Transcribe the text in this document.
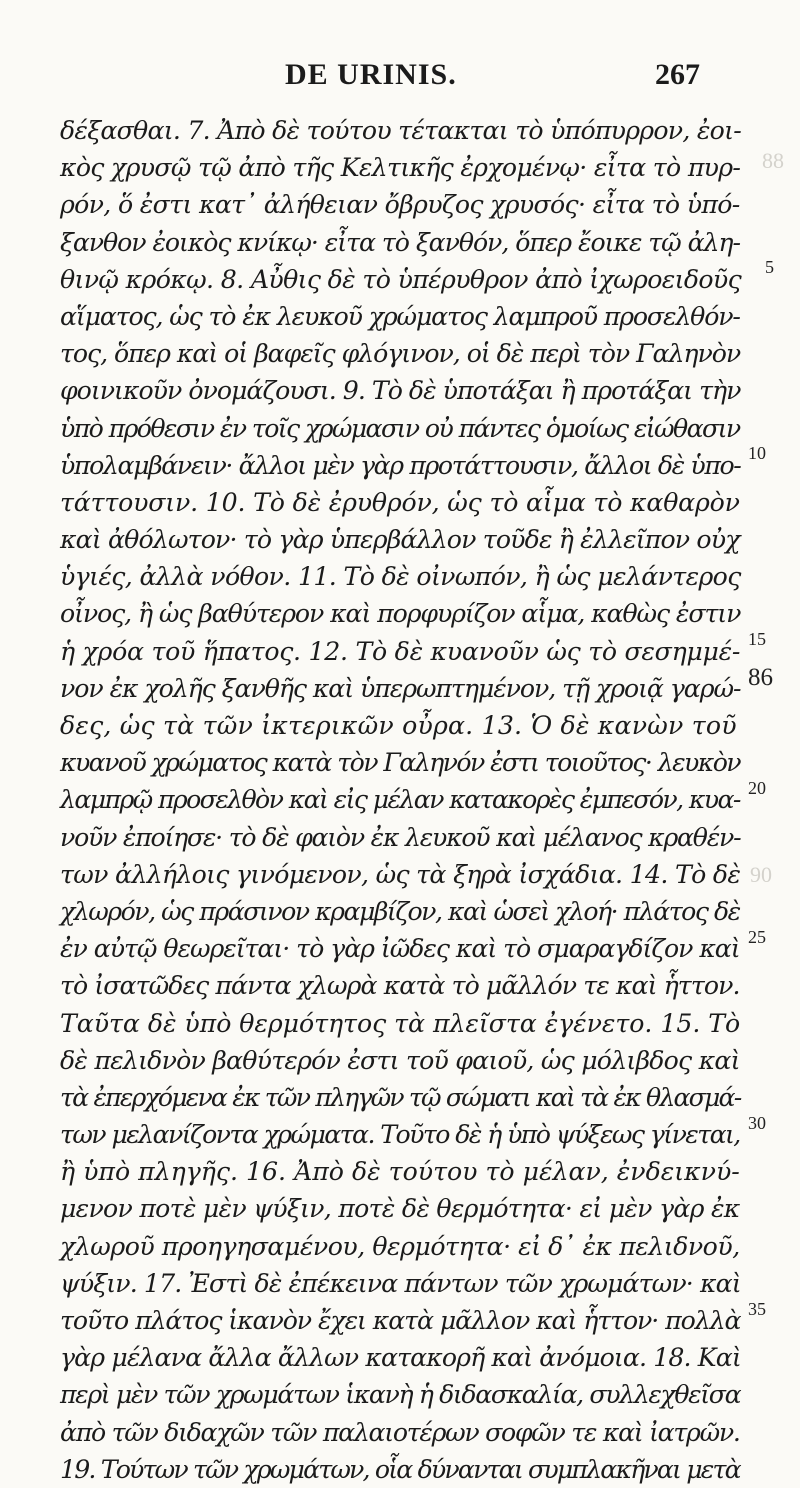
DE URINIS.	267
δέξασθαι. 7. Ἀπὸ δὲ τούτου τέτακται τὸ ὑπόπυρρον, ἐοι-
κὸς χρυσῷ τῷ ἀπὸ τῆς Κελτικῆς ἐρχομένῳ· εἶτα τὸ πυρ-
ρόν, ὅ ἐστι κατ᾽ ἀλήθειαν ὄβρυζος χρυσός· εἶτα τὸ ὑπό-
ξανθον ἐοικὸς κνίκῳ· εἶτα τὸ ξανθόν, ὅπερ ἔοικε τῷ ἀλη-
θινῷ κρόκῳ. 8. Αὖθις δὲ τὸ ὑπέρυθρον ἀπὸ ἰχωροειδοῦς
αἵματος, ὡς τὸ ἐκ λευκοῦ χρώματος λαμπροῦ προσελθόν-
τος, ὅπερ καὶ οἱ βαφεῖς φλόγινον, οἱ δὲ περὶ τὸν Γαληνὸν
φοινικοῦν ὀνομάζουσι. 9. Τὸ δὲ ὑποτάξαι ἢ προτάξαι τὴν
ὑπὸ πρόθεσιν ἐν τοῖς χρώμασιν οὐ πάντες ὁμοίως εἰώθασιν
ὑπολαμβάνειν· ἄλλοι μὲν γὰρ προτάττουσιν, ἄλλοι δὲ ὑπο-
τάττουσιν. 10. Τὸ δὲ ἐρυθρόν, ὡς τὸ αἷμα τὸ καθαρὸν
καὶ ἀθόλωτον· τὸ γὰρ ὑπερβάλλον τοῦδε ἢ ἐλλεῖπον οὐχ
ὑγιές, ἀλλὰ νόθον. 11. Τὸ δὲ οἰνωπόν, ἢ ὡς μελάντερος
οἶνος, ἢ ὡς βαθύτερον καὶ πορφυρίζον αἷμα, καθὼς ἐστιν
ἡ χρόα τοῦ ἥπατος. 12. Τὸ δὲ κυανοῦν ὡς τὸ σεσημμέ-
νον ἐκ χολῆς ξανθῆς καὶ ὑπερωπτημένον, τῇ χροιᾷ γαρώ-
δες, ὡς τὰ τῶν ἰκτερικῶν οὖρα. 13. Ὁ δὲ κανὼν τοῦ
κυανοῦ χρώματος κατὰ τὸν Γαληνόν ἐστι τοιοῦτος· λευκὸν
λαμπρῷ προσελθὸν καὶ εἰς μέλαν κατακορὲς ἐμπεσόν, κυα-
νοῦν ἐποίησε· τὸ δὲ φαιὸν ἐκ λευκοῦ καὶ μέλανος κραθέν-
των ἀλλήλοις γινόμενον, ὡς τὰ ξηρὰ ἰσχάδια. 14. Τὸ δὲ
χλωρόν, ὡς πράσινον κραμβίζον, καὶ ὡσεὶ χλοή· πλάτος δὲ
ἐν αὐτῷ θεωρεῖται· τὸ γὰρ ἰῶδες καὶ τὸ σμαραγδίζον καὶ
τὸ ἰσατῶδες πάντα χλωρὰ κατὰ τὸ μᾶλλόν τε καὶ ἧττον.
Ταῦτα δὲ ὑπὸ θερμότητος τὰ πλεῖστα ἐγένετο. 15. Τὸ
δὲ πελιδνὸν βαθύτερόν ἐστι τοῦ φαιοῦ, ὡς μόλιβδος καὶ
τὰ ἐπερχόμενα ἐκ τῶν πληγῶν τῷ σώματι καὶ τὰ ἐκ θλασμά-
των μελανίζοντα χρώματα. Τοῦτο δὲ ἡ ὑπὸ ψύξεως γίνεται,
ἢ ὑπὸ πληγῆς. 16. Ἀπὸ δὲ τούτου τὸ μέλαν, ἐνδεικνύ-
μενον ποτὲ μὲν ψύξιν, ποτὲ δὲ θερμότητα· εἰ μὲν γὰρ ἐκ
χλωροῦ προηγησαμένου, θερμότητα· εἰ δ᾽ ἐκ πελιδνοῦ,
ψύξιν. 17. Ἐστὶ δὲ ἐπέκεινα πάντων τῶν χρωμάτων· καὶ
τοῦτο πλάτος ἱκανὸν ἔχει κατὰ μᾶλλον καὶ ἧττον· πολλὰ
γὰρ μέλανα ἄλλα ἄλλων κατακορῆ καὶ ἀνόμοια. 18. Καὶ
περὶ μὲν τῶν χρωμάτων ἱκανὴ ἡ διδασκαλία, συλλεχθεῖσα
ἀπὸ τῶν διδαχῶν τῶν παλαιοτέρων σοφῶν τε καὶ ἰατρῶν.
19. Τούτων τῶν χρωμάτων, οἷα δύνανται συμπλακῆναι μετὰ
88
5
10
15
86
20
90
25
30
35
